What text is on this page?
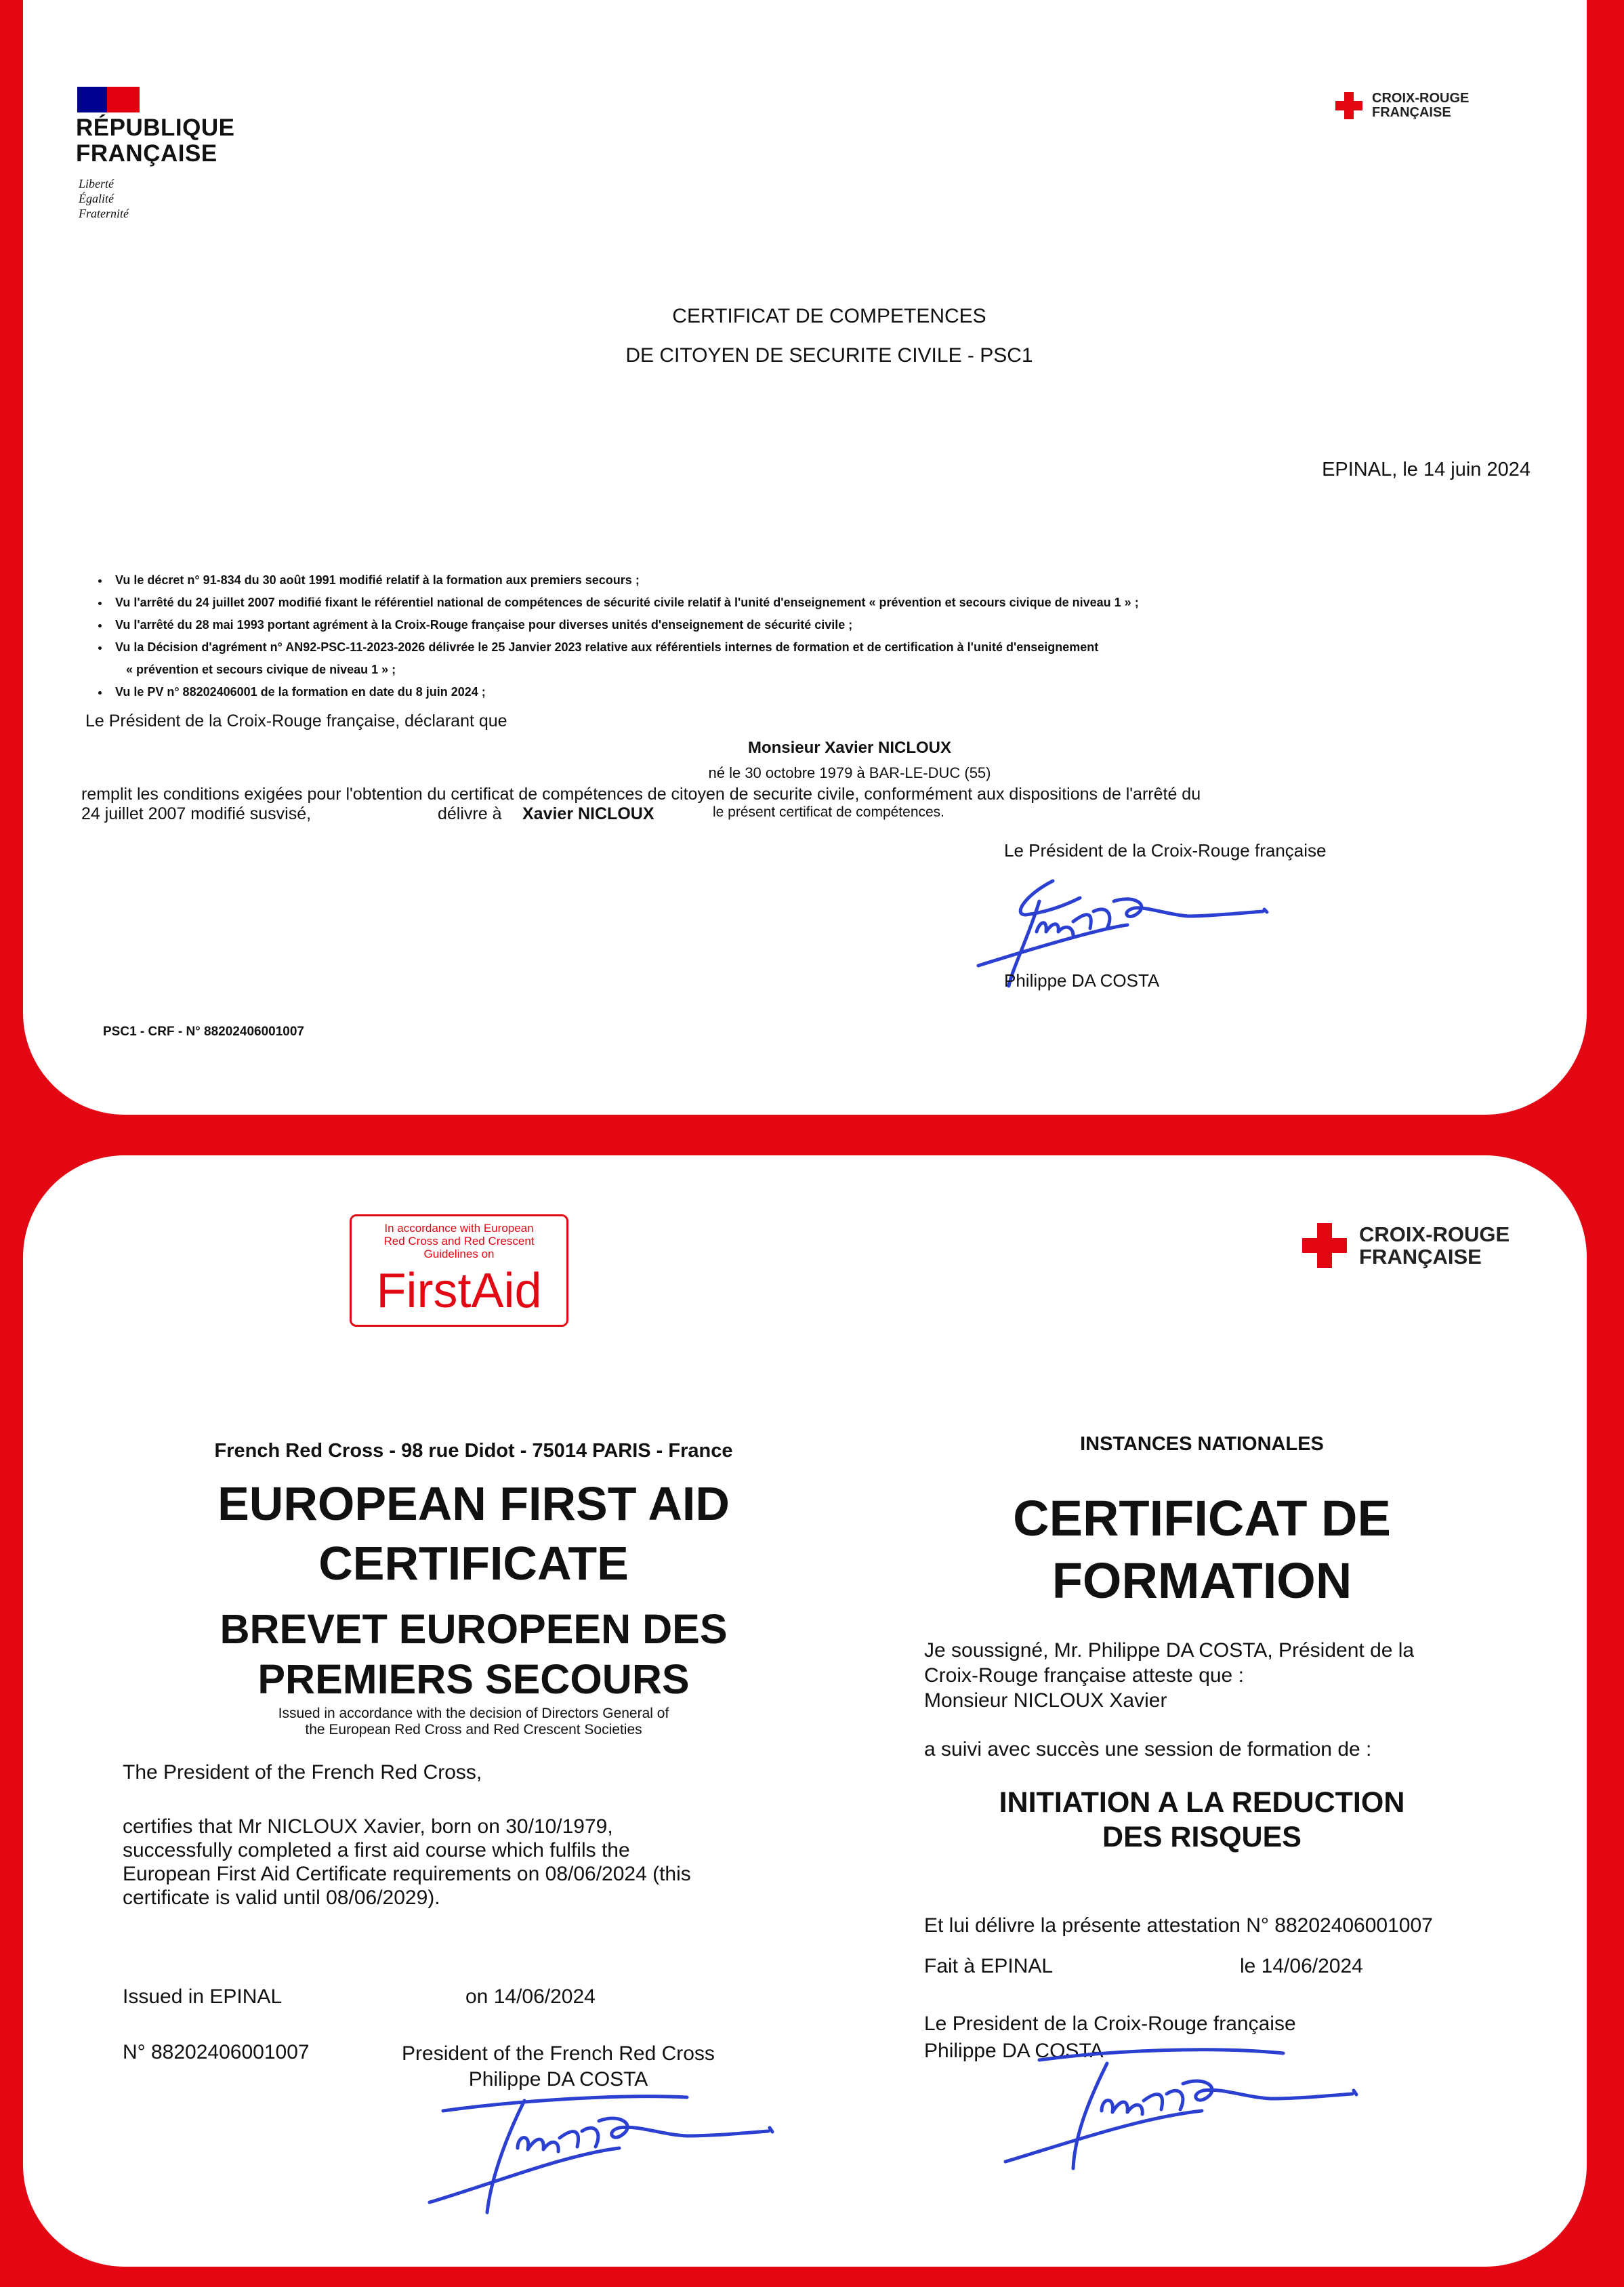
RÉPUBLIQUE
FRANÇAISE
Liberté
Égalité
Fraternité
CROIX-ROUGE
FRANÇAISE
CERTIFICAT DE COMPETENCES
DE CITOYEN DE SECURITE CIVILE - PSC1
EPINAL, le 14 juin 2024
• Vu le décret n° 91-834 du 30 août 1991 modifié relatif à la formation aux premiers secours ;
• Vu l'arrêté du 24 juillet 2007 modifié fixant le référentiel national de compétences de sécurité civile relatif à l'unité d'enseignement « prévention et secours civique de niveau 1 » ;
• Vu l'arrêté du 28 mai 1993 portant agrément à la Croix-Rouge française pour diverses unités d'enseignement de sécurité civile ;
• Vu la Décision d'agrément n° AN92-PSC-11-2023-2026 délivrée le 25 Janvier 2023 relative aux référentiels internes de formation et de certification à l'unité d'enseignement
« prévention et secours civique de niveau 1 » ;
• Vu le PV n° 88202406001 de la formation en date du 8 juin 2024 ;
Le Président de la Croix-Rouge française, déclarant que
Monsieur Xavier NICLOUX
né le 30 octobre 1979 à BAR-LE-DUC (55)
remplit les conditions exigées pour l'obtention du certificat de compétences de citoyen de securite civile, conformément aux dispositions de l'arrêté du
24 juillet 2007 modifié susvisé,	délivre à Xavier NICLOUX	le présent certificat de compétences.
Le Président de la Croix-Rouge française
Philippe DA COSTA
PSC1 - CRF - N° 88202406001007
In accordance with European
Red Cross and Red Crescent
Guidelines on
FirstAid
CROIX-ROUGE
FRANÇAISE
French Red Cross - 98 rue Didot - 75014 PARIS - France
EUROPEAN FIRST AID
CERTIFICATE
BREVET EUROPEEN DES
PREMIERS SECOURS
Issued in accordance with the decision of Directors General of
the European Red Cross and Red Crescent Societies
The President of the French Red Cross,
certifies that Mr NICLOUX Xavier, born on 30/10/1979,
successfully completed a first aid course which fulfils the
European First Aid Certificate requirements on 08/06/2024 (this
certificate is valid until 08/06/2029).
Issued in EPINAL	on 14/06/2024
N° 88202406001007	President of the French Red Cross
Philippe DA COSTA
INSTANCES NATIONALES
CERTIFICAT DE
FORMATION
Je soussigné, Mr. Philippe DA COSTA, Président de la
Croix-Rouge française atteste que :
Monsieur NICLOUX Xavier
a suivi avec succès une session de formation de :
INITIATION A LA REDUCTION
DES RISQUES
Et lui délivre la présente attestation N° 88202406001007
Fait à EPINAL	le 14/06/2024
Le President de la Croix-Rouge française
Philippe DA COSTA
